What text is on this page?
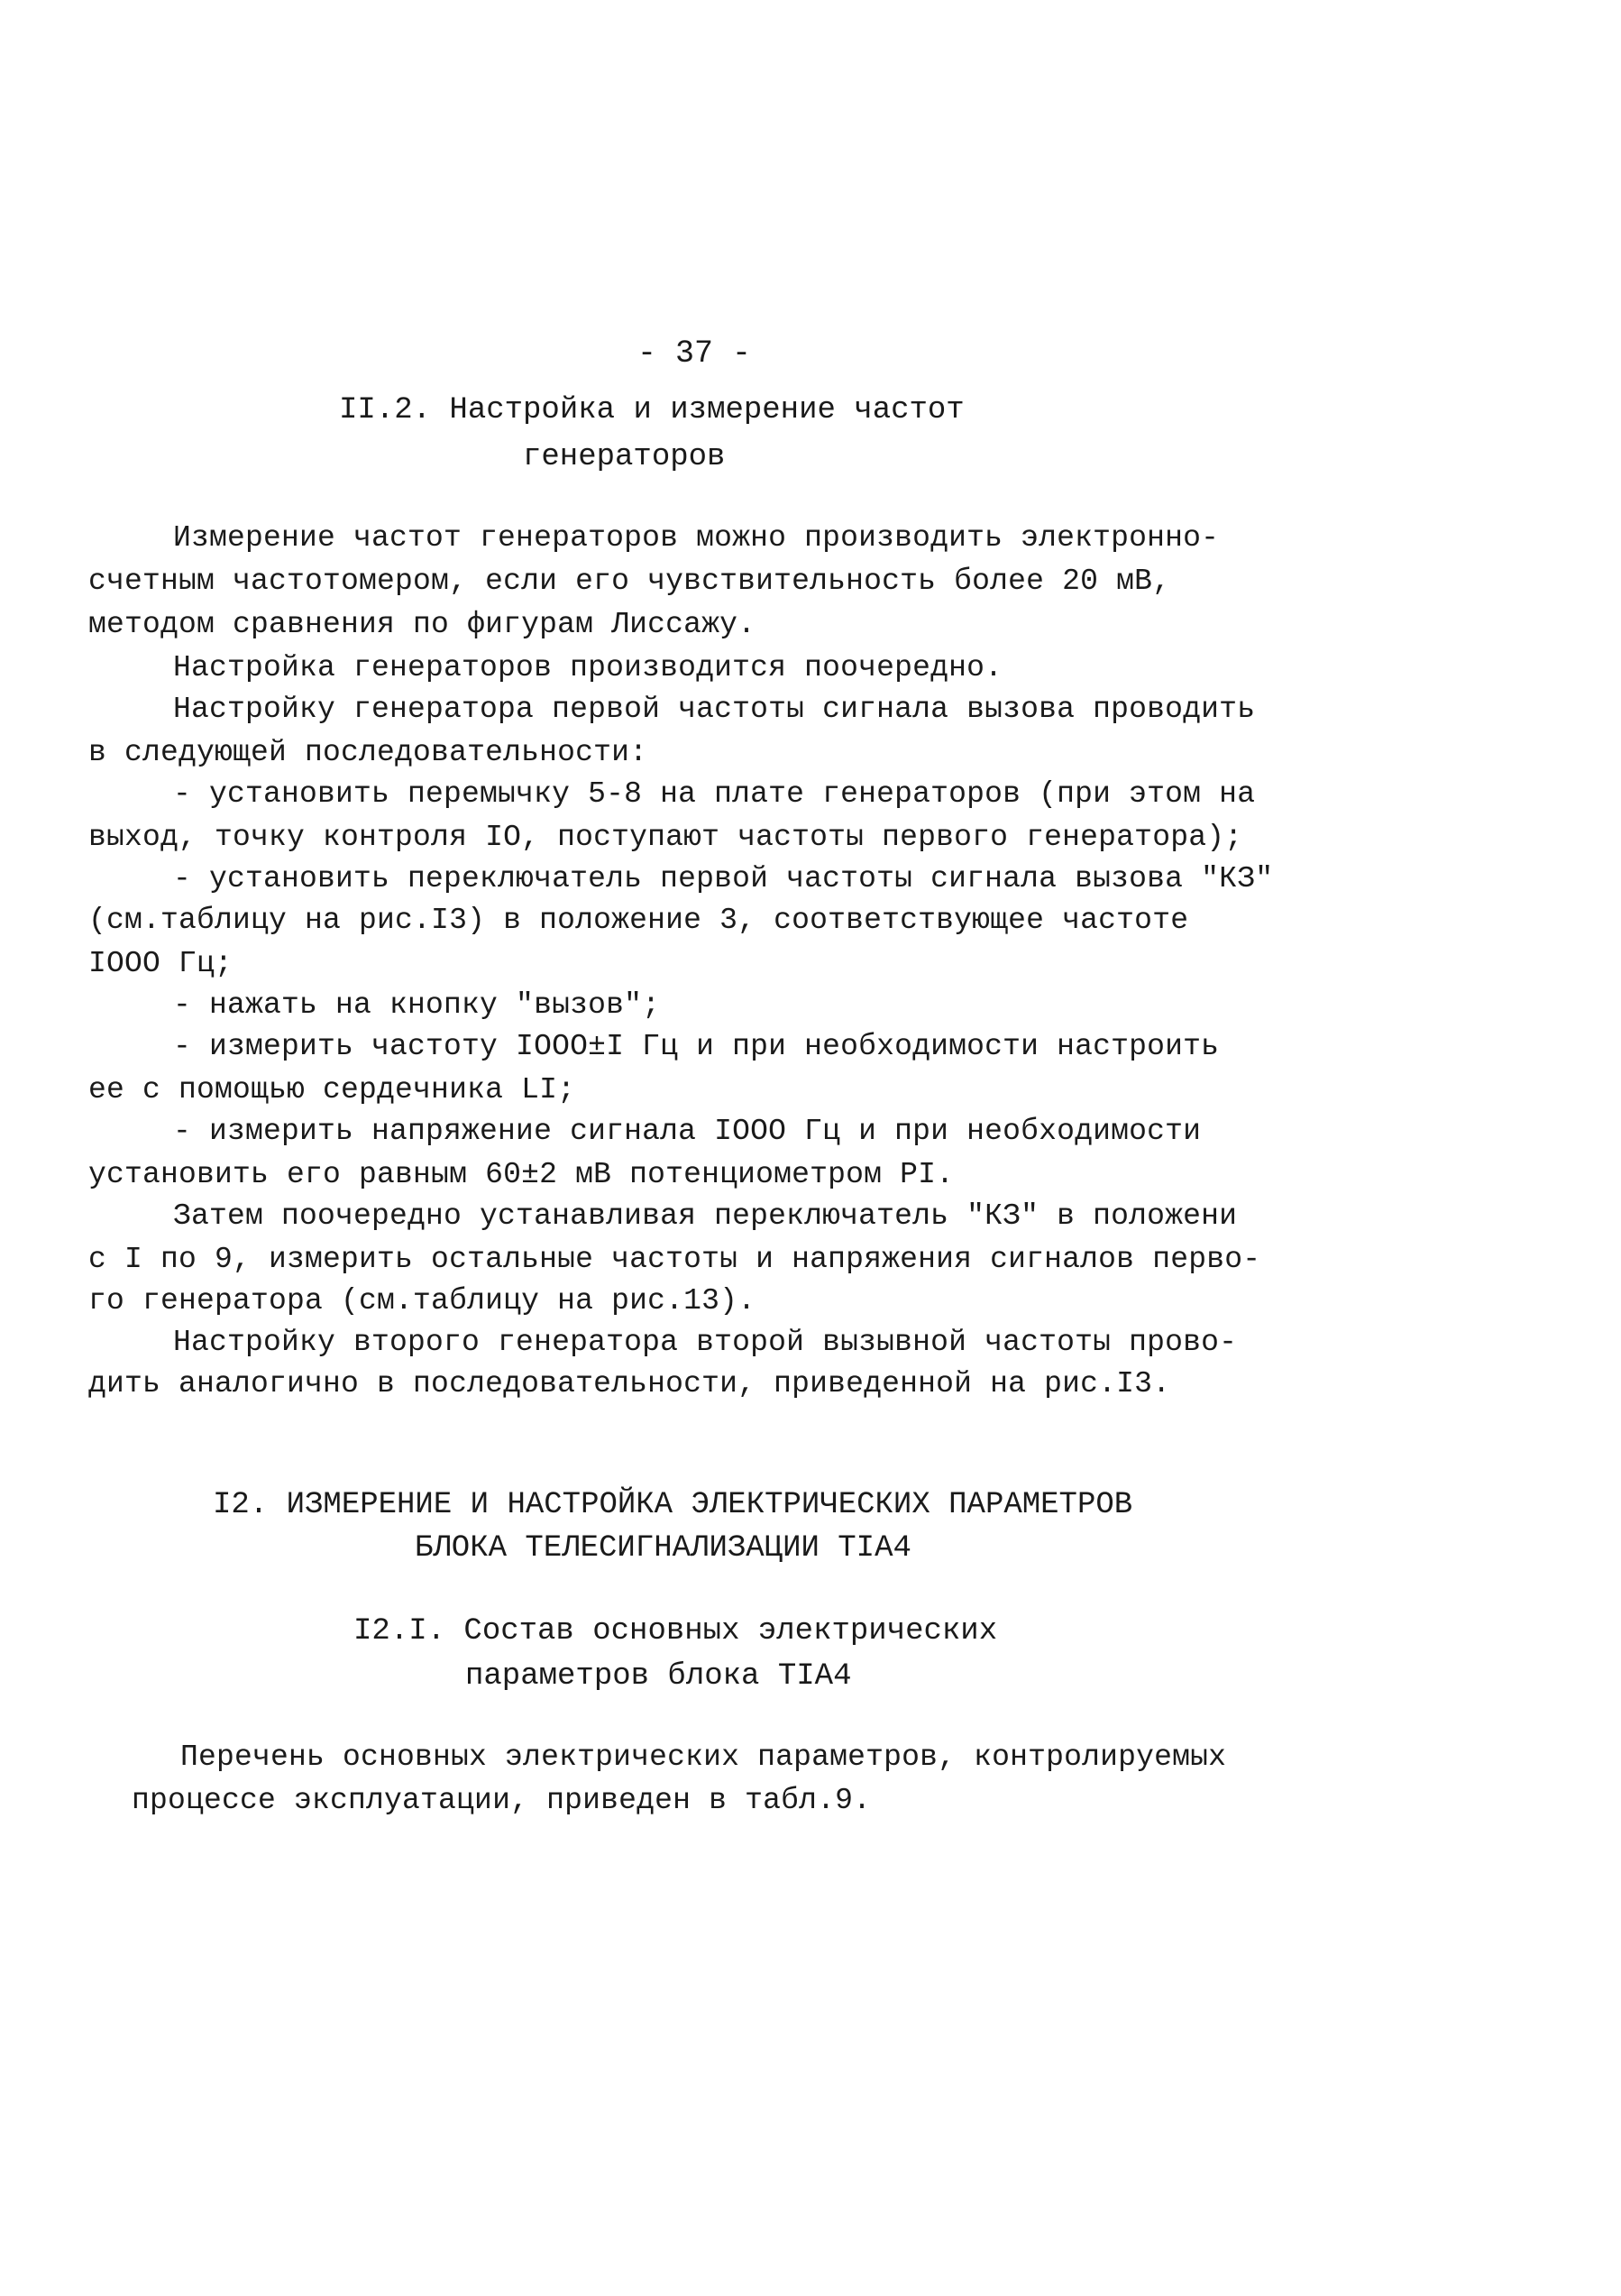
- 37 -
II.2. Настройка и измерение частот
генераторов
Измерение частот генераторов можно производить электронно-
счетным частотомером, если его чувствительность более 20 мВ,
методом сравнения по фигурам Лиссажу.
Настройка генераторов производится поочередно.
Настройку генератора первой частоты сигнала вызова проводить
в следующей последовательности:
- установить перемычку 5-8 на плате генераторов (при этом на
выход, точку контроля IO, поступают частоты первого генератора);
- установить переключатель первой частоты сигнала вызова "КЗ"
(см.таблицу на рис.I3) в положение 3, соответствующее частоте
IOOO Гц;
- нажать на кнопку "вызов";
- измерить частоту IOOO±I Гц и при необходимости настроить
ее с помощью сердечника LI;
- измерить напряжение сигнала IOOO Гц и при необходимости
установить его равным 60±2 мВ потенциометром PI.
Затем поочередно устанавливая переключатель "КЗ" в положени
с I по 9, измерить остальные частоты и напряжения сигналов перво-
го генератора (см.таблицу на рис.13).
Настройку второго генератора второй вызывной частоты прово-
дить аналогично в последовательности, приведенной на рис.I3.
I2. ИЗМЕРЕНИЕ И НАСТРОЙКА ЭЛЕКТРИЧЕСКИХ ПАРАМЕТРОВ
БЛОКА ТЕЛЕСИГНАЛИЗАЦИИ TIA4
I2.I. Состав основных электрических
параметров блока TIA4
Перечень основных электрических параметров, контролируемых
процессе эксплуатации, приведен в табл.9.
